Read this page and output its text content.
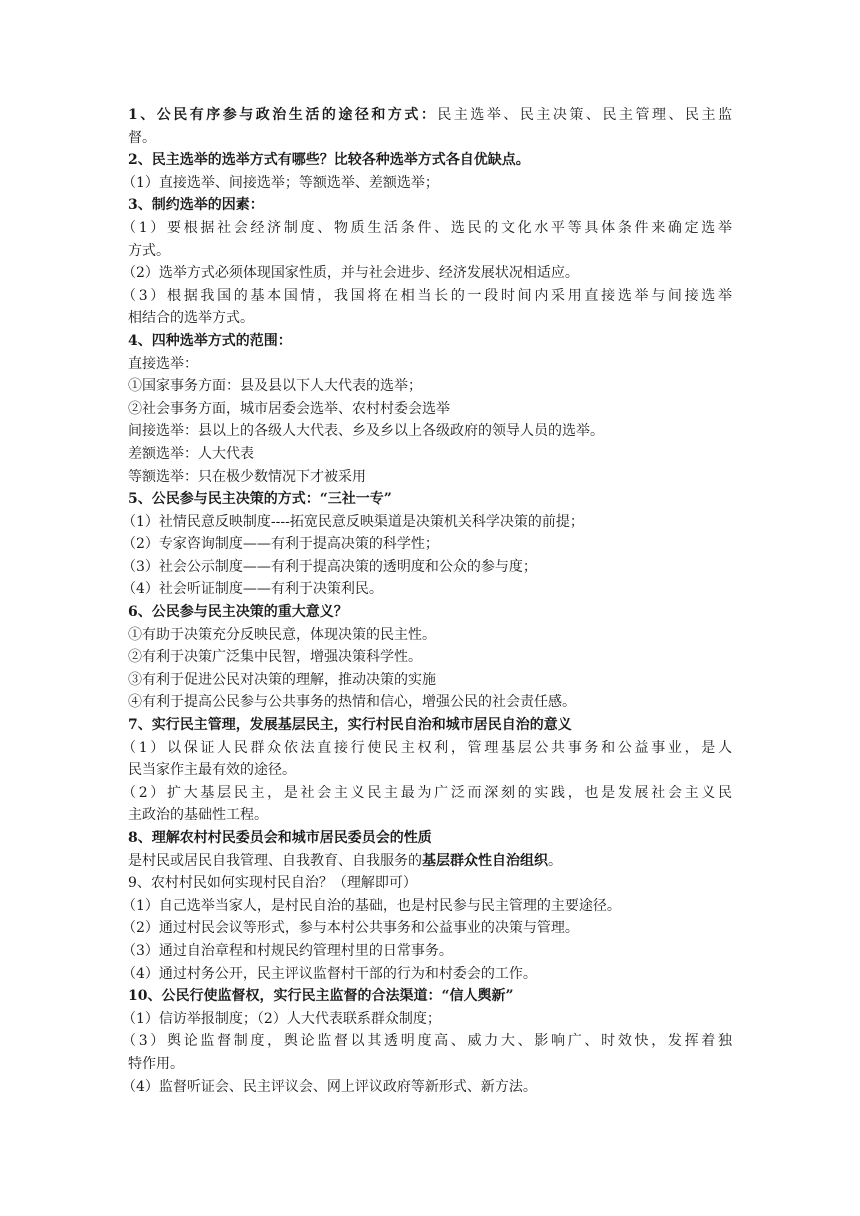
1、公民有序参与政治生活的途径和方式：民主选举、民主决策、民主管理、民主监
督。
2、民主选举的选举方式有哪些？比较各种选举方式各自优缺点。
（1）直接选举、间接选举；等额选举、差额选举；
3、制约选举的因素：
（1）要根据社会经济制度、物质生活条件、选民的文化水平等具体条件来确定选举
方式。
（2）选举方式必须体现国家性质，并与社会进步、经济发展状况相适应。
（3）根据我国的基本国情，我国将在相当长的一段时间内采用直接选举与间接选举
相结合的选举方式。
4、四种选举方式的范围：
直接选举：
①国家事务方面：县及县以下人大代表的选举；
②社会事务方面，城市居委会选举、农村村委会选举
间接选举：县以上的各级人大代表、乡及乡以上各级政府的领导人员的选举。
差额选举：人大代表
等额选举：只在极少数情况下才被采用
5、公民参与民主决策的方式：“三社一专”
（1）社情民意反映制度----拓宽民意反映渠道是决策机关科学决策的前提；
（2）专家咨询制度——有利于提高决策的科学性；
（3）社会公示制度——有利于提高决策的透明度和公众的参与度；
（4）社会听证制度——有利于决策利民。
6、公民参与民主决策的重大意义？
①有助于决策充分反映民意，体现决策的民主性。
②有利于决策广泛集中民智，增强决策科学性。
③有利于促进公民对决策的理解，推动决策的实施
④有利于提高公民参与公共事务的热情和信心，增强公民的社会责任感。
7、实行民主管理，发展基层民主，实行村民自治和城市居民自治的意义
（1）以保证人民群众依法直接行使民主权利，管理基层公共事务和公益事业，是人
民当家作主最有效的途径。
（2）扩大基层民主，是社会主义民主最为广泛而深刻的实践，也是发展社会主义民
主政治的基础性工程。
8、理解农村村民委员会和城市居民委员会的性质
是村民或居民自我管理、自我教育、自我服务的基层群众性自治组织。
9、农村村民如何实现村民自治？（理解即可）
（1）自己选举当家人，是村民自治的基础，也是村民参与民主管理的主要途径。
（2）通过村民会议等形式，参与本村公共事务和公益事业的决策与管理。
（3）通过自治章程和村规民约管理村里的日常事务。
（4）通过村务公开，民主评议监督村干部的行为和村委会的工作。
10、公民行使监督权，实行民主监督的合法渠道：“信人舆新”
（1）信访举报制度；（2）人大代表联系群众制度；
（3）舆论监督制度，舆论监督以其透明度高、威力大、影响广、时效快，发挥着独
特作用。
（4）监督听证会、民主评议会、网上评议政府等新形式、新方法。
